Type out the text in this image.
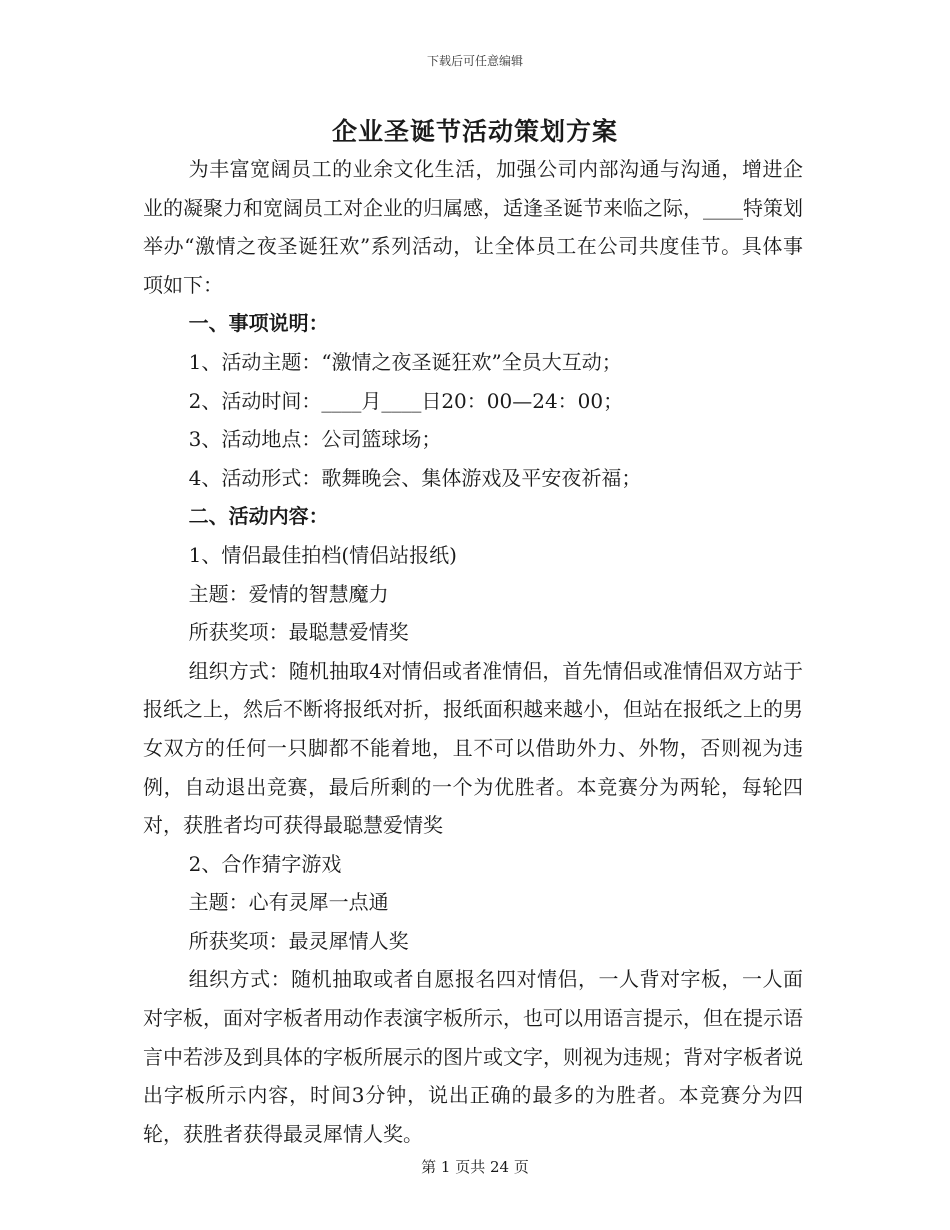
下载后可任意编辑
企业圣诞节活动策划方案

为丰富宽阔员工的业余文化生活，加强公司内部沟通与沟通，增进企业的凝聚力和宽阔员工对企业的归属感，适逢圣诞节来临之际，____特策划举办“激情之夜圣诞狂欢”系列活动，让全体员工在公司共度佳节。具体事项如下：

一、事项说明：

1、活动主题：“激情之夜圣诞狂欢”全员大互动；

2、活动时间：____月____日20：00—24：00；

3、活动地点：公司篮球场；

4、活动形式：歌舞晚会、集体游戏及平安夜祈福；

二、活动内容：

1、情侣最佳拍档(情侣站报纸)

主题：爱情的智慧魔力

所获奖项：最聪慧爱情奖

组织方式：随机抽取4对情侣或者准情侣，首先情侣或准情侣双方站于报纸之上，然后不断将报纸对折，报纸面积越来越小，但站在报纸之上的男女双方的任何一只脚都不能着地，且不可以借助外力、外物，否则视为违例，自动退出竞赛，最后所剩的一个为优胜者。本竞赛分为两轮，每轮四对，获胜者均可获得最聪慧爱情奖

2、合作猜字游戏

主题：心有灵犀一点通

所获奖项：最灵犀情人奖

组织方式：随机抽取或者自愿报名四对情侣，一人背对字板，一人面对字板，面对字板者用动作表演字板所示，也可以用语言提示，但在提示语言中若涉及到具体的字板所展示的图片或文字，则视为违规；背对字板者说出字板所示内容，时间3分钟，说出正确的最多的为胜者。本竞赛分为四轮，获胜者获得最灵犀情人奖。

第 1 页共 24 页
